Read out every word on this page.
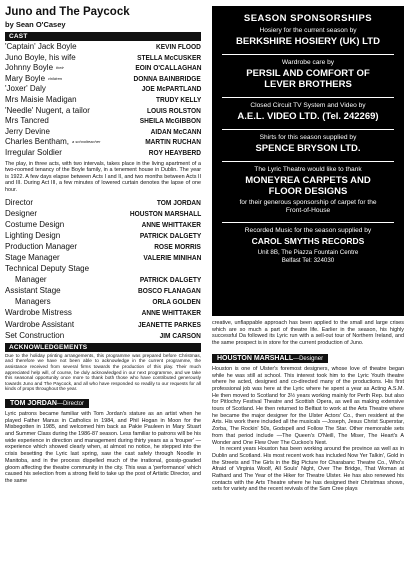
Juno and The Paycock
by Sean O'Casey
CAST
'Captain' Jack Boyle	KEVIN FLOOD
Juno Boyle, his wife	STELLA McCUSKER
Johnny Boyle their	EOIN O'CALLAGHAN
Mary Boyle children	DONNA BAINBRIDGE
'Joxer' Daly	JOE McPARTLAND
Mrs Maisie Madigan	TRUDY KELLY
'Needle' Nugent, a tailor	LOUIS ROLSTON
Mrs Tancred	SHEILA McGIBBON
Jerry Devine	AIDAN McCANN
Charles Bentham, a schoolteacher	MARTIN RUCHAN
Irregular Soldier	ROY HEAYBERD
The play, in three acts, with two intervals, takes place in the living apartment of a two-roomed tenancy of the Boyle family, in a tenement house in Dublin. The year is 1922. A few days elapse between Acts I and II, and two months between Acts II and III. During Act III, a few minutes of lowered curtain denotes the lapse of one hour.
Director	TOM JORDAN
Designer	HOUSTON MARSHALL
Costume Design	ANNE WHITTAKER
Lighting Design	PATRICK DALGETY
Production Manager	ROSE MORRIS
Stage Manager	VALERIE MINIHAN
Technical Deputy Stage
Manager	PATRICK DALGETY
Assistant Stage	BOSCO FLANAGAN
Managers	ORLA GOLDEN
Wardrobe Mistress	ANNE WHITTAKER
Wardrobe Assistant	JEANETTE PARKES
Set Construction	JIM CARSON
ACKNOWLEDGEMENTS
Due to the holiday printing arrangements, this programme was prepared before Christmas, and therefore we have not been able to acknowledge in the current programme, the assistance received from several firms towards the production of this play. Their much appreciated help will, of course, be duly acknowledged in our next programme, and we take this seasonal opportunity once more to thank both those who have contributed generously towards Juno and The Paycock, and all who have responded so readily to our requests for all kinds of props throughout the year.
TOM JORDAN—Director
Lyric patrons became familiar with Tom Jordan's stature as an artist when he played Father Manus in Catholics in 1984, and Phil Hogan in Moon for the Misbegotten in 1985, and welcomed him back as Pakie Pauleen in Mary Stuart and Summer Class during the 1986-87 season. Less familiar to patrons will be his wide experience in direction and management during thirty years as a 'trouper' — experience which showed clearly when, at almost no notice, he stepped into the crisis besetting the Lyric last spring, saw the cast safely through Noodle in Manitoba, and in the process dispelled much of the irrational, gossip-goaded gloom affecting the theatre community in the city. This was a 'performance' which caused his selection from a strong field to take up the post of Artistic Director, and the same
SEASON SPONSORSHIPS
Hosiery for the current season by
BERKSHIRE HOSIERY (UK) LTD
Wardrobe care by
PERSIL AND COMFORT OF LEVER BROTHERS
Closed Circuit TV System and Video by
A.E.L. VIDEO LTD. (Tel. 242269)
Shirts for this season supplied by
SPENCE BRYSON LTD.
The Lyric Theatre would like to thank
MONEYREA CARPETS AND FLOOR DESIGNS
for their generous sponsorship of carpet for the Front-of-House
Recorded Music for the season supplied by
CAROL SMYTHS RECORDS
Unit 8B, The Piazza Fountain Centre
Belfast Tel: 324030
creative, unflappable approach has been applied to the small and large crises which are so much a part of theatre life. Earlier in the season, his highly successful Da followed its Lyric run with a sell-out tour of Northern Ireland, and the same prospect is in store for the current production of Juno.
HOUSTON MARSHALL—Designer
Houston is one of Ulster's foremost designers, whose love of theatre began while he was still at school. This interest took him to the Lyric Youth theatre where he acted, designed and co-directed many of the productions. His first professional job was here at the Lyric where he spent a year as Acting A.S.M. He then moved to Scotland for 3½ years working mainly for Perth Rep. but also for Pitlochry Festival Theatre and Scottish Opera, as well as making extensive tours of Scotland. He then returned to Belfast to work at the Arts Theatre where he became the major designer for the Ulster Actors' Co., then resident at the Arts. His work there included all the musicals —Joseph, Jesus Christ Superstar, Zorba, The Rockin' 50s, Godspell and Follow The Star. Other memorable sets from that period include —The Queen's O'Neill, The Miser, The Heart's A Wonder and One Flew Over The Cuckoo's Nest.
In recent years Houston has been working around the province as well as in Dublin and Scotland. His most recent work has included Now Yer Talkin', Gold in the Streets and The Girls in the Big Picture for Charabanc Theatre Co., Who's Afraid of Virginia Woolf, All Souls' Night, Over The Bridge, That Woman at Rathard and The Year of the Hiker for Theatre Ulster. He has also renewed his contacts with the Arts Theatre where he has designed their Christmas shows, sets for variety and the recent revivals of the Sam Cree plays
